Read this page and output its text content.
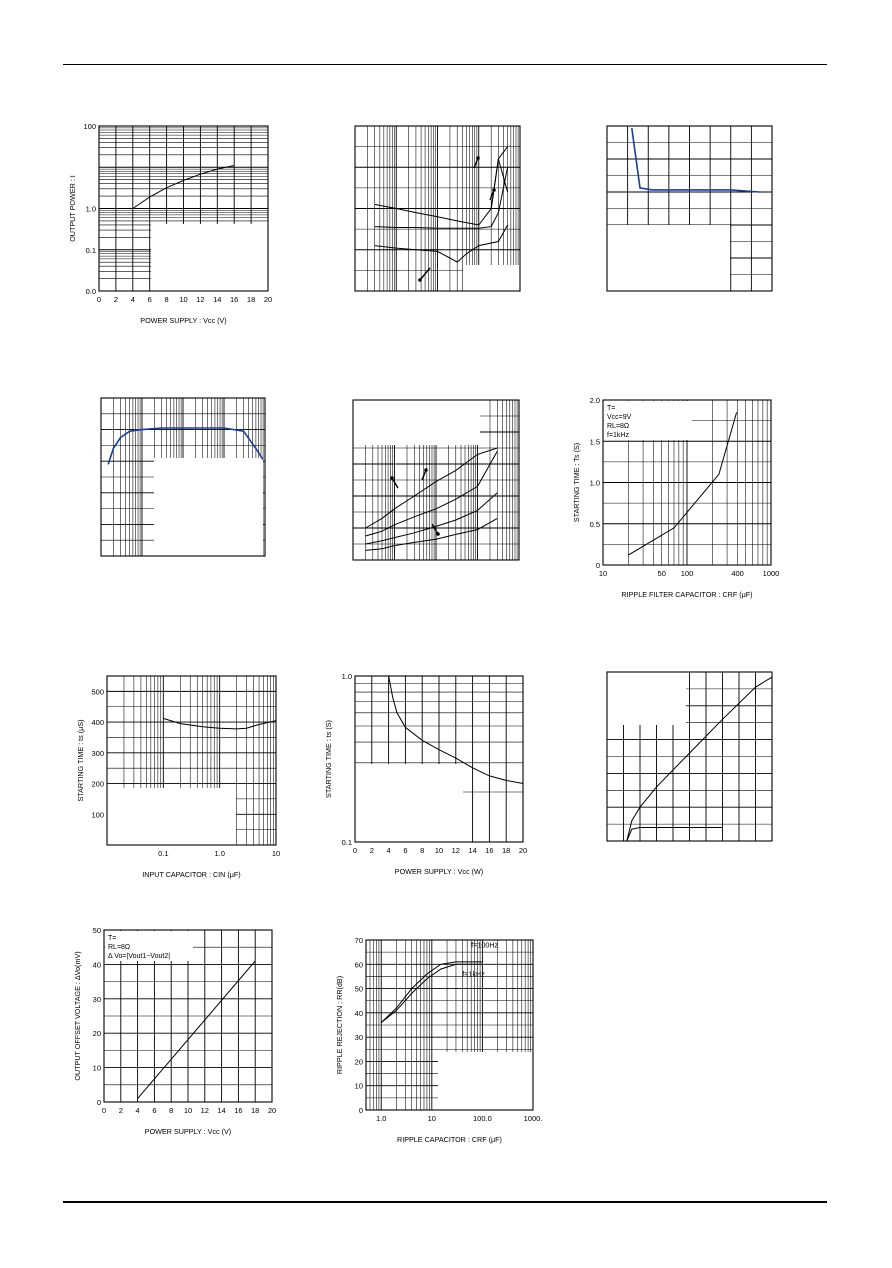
0 2 4 6 8 10 12 14 16 18 20
0.0
0.1
1.0
100
POWER SUPPLY : Vcc (V)
OUTPUT POWER : I
10	50 100	400	1000
0
0.5
1.0
1.5
2.0
RIPPLE FILTER CAPACITOR : CRF (μF)
STARTING TIME : Ts (S)
T=
Vcc=9V
RL=8Ω
f=1kHz
0.1	1.0	10
100
200
300
400
500
INPUT CAPACITOR : CIN (μF)
STARTING TIME : ts (μS)
0 2 4 6 8 10 12 14 16 18 20
0.1
1.0
POWER SUPPLY : Vcc (W)
STARTING TIME : ts (S)
0 2 4 6 8 10 12 14 16 18 20
0
10
20
30
40
50
POWER SUPPLY : Vcc (V)
OUTPUT OFFSET VOLTAGE : ΔVo(mV)
T=
RL=8Ω
Δ Vo=|Vout1−Vout2|
1.0	10	100.0	1000.
0
10
20
30
40
50
60
70
RIPPLE CAPACITOR : CRF (μF)
RIPPLE REJECTION : RR(dB)
f=100Hz
f=1kHz
